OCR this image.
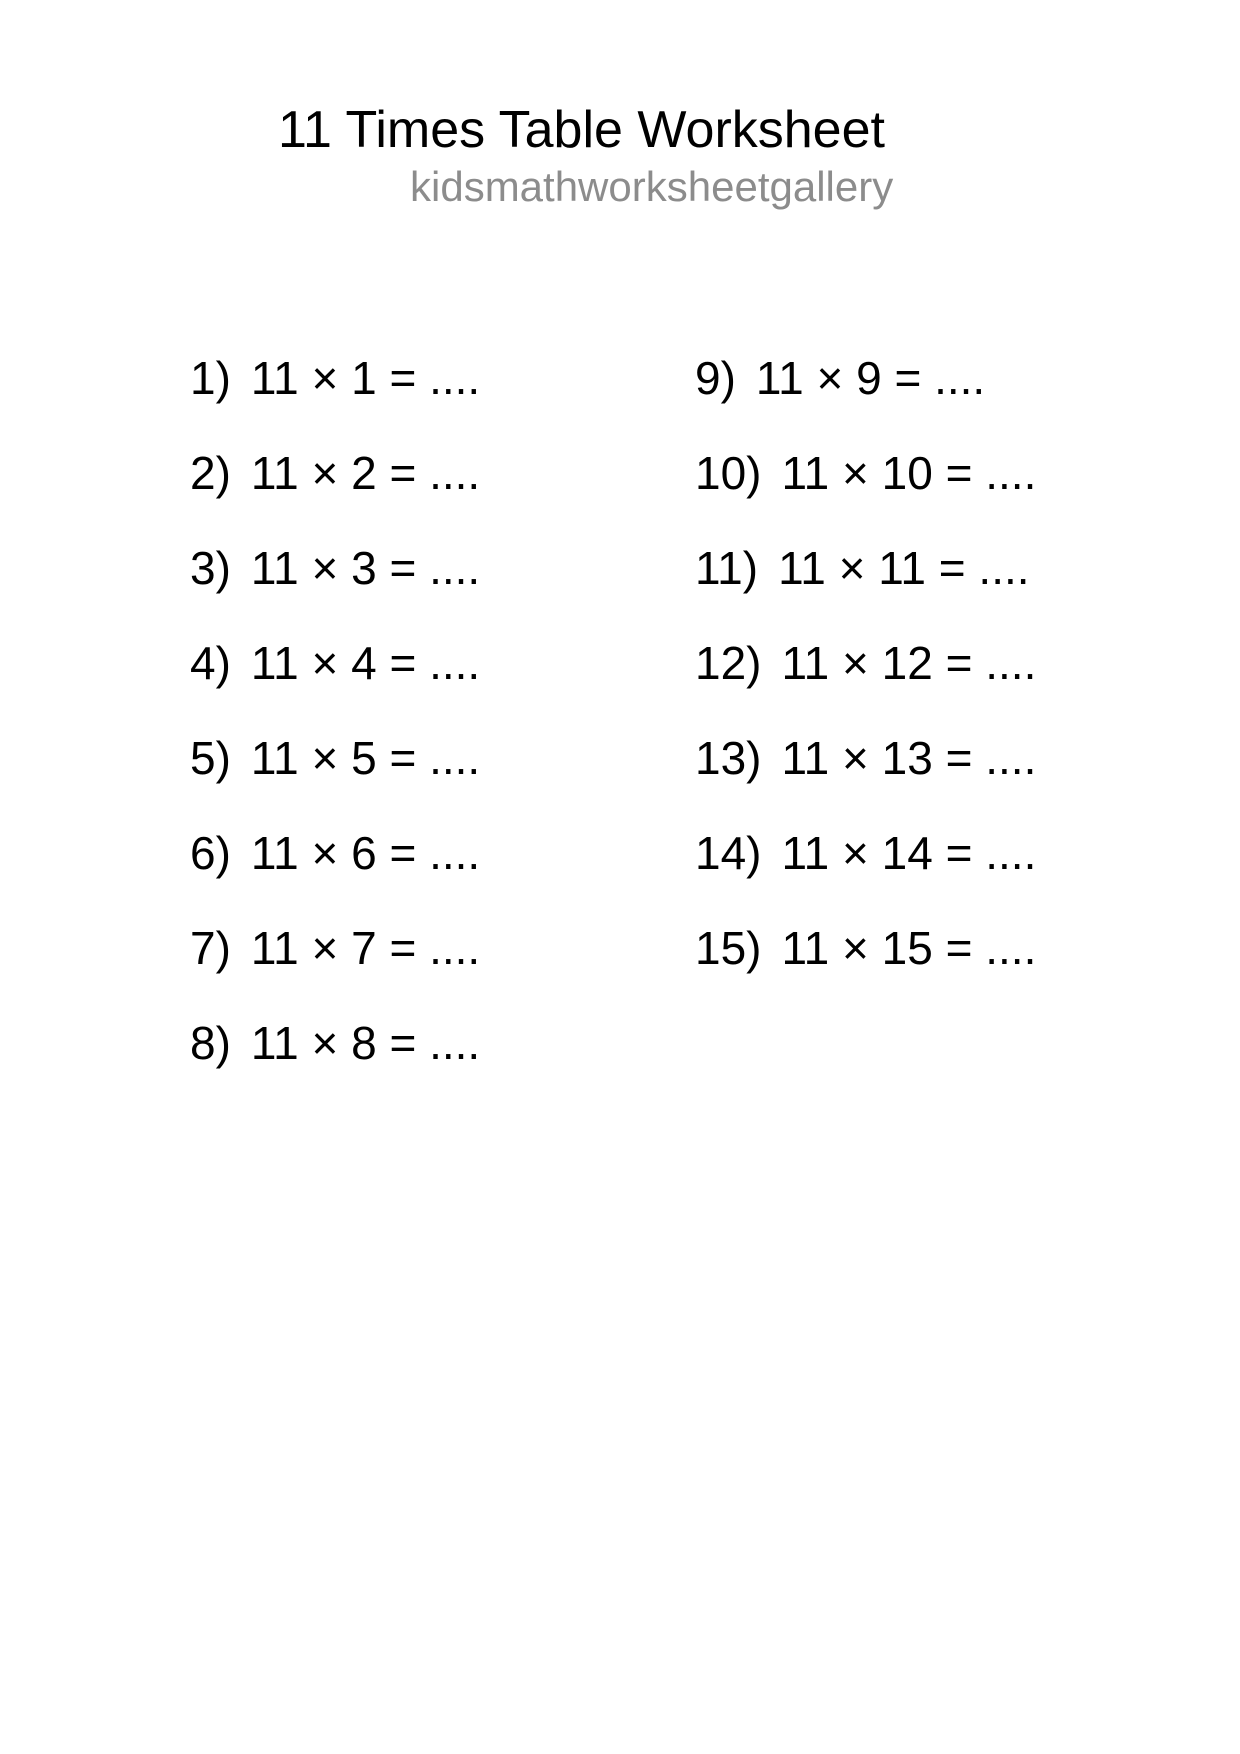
11 Times Table Worksheet
kidsmathworksheetgallery
1) 11 × 1 = ....
2) 11 × 2 = ....
3) 11 × 3 = ....
4) 11 × 4 = ....
5) 11 × 5 = ....
6) 11 × 6 = ....
7) 11 × 7 = ....
8) 11 × 8 = ....
9) 11 × 9 = ....
10) 11 × 10 = ....
11) 11 × 11 = ....
12) 11 × 12 = ....
13) 11 × 13 = ....
14) 11 × 14 = ....
15) 11 × 15 = ....
